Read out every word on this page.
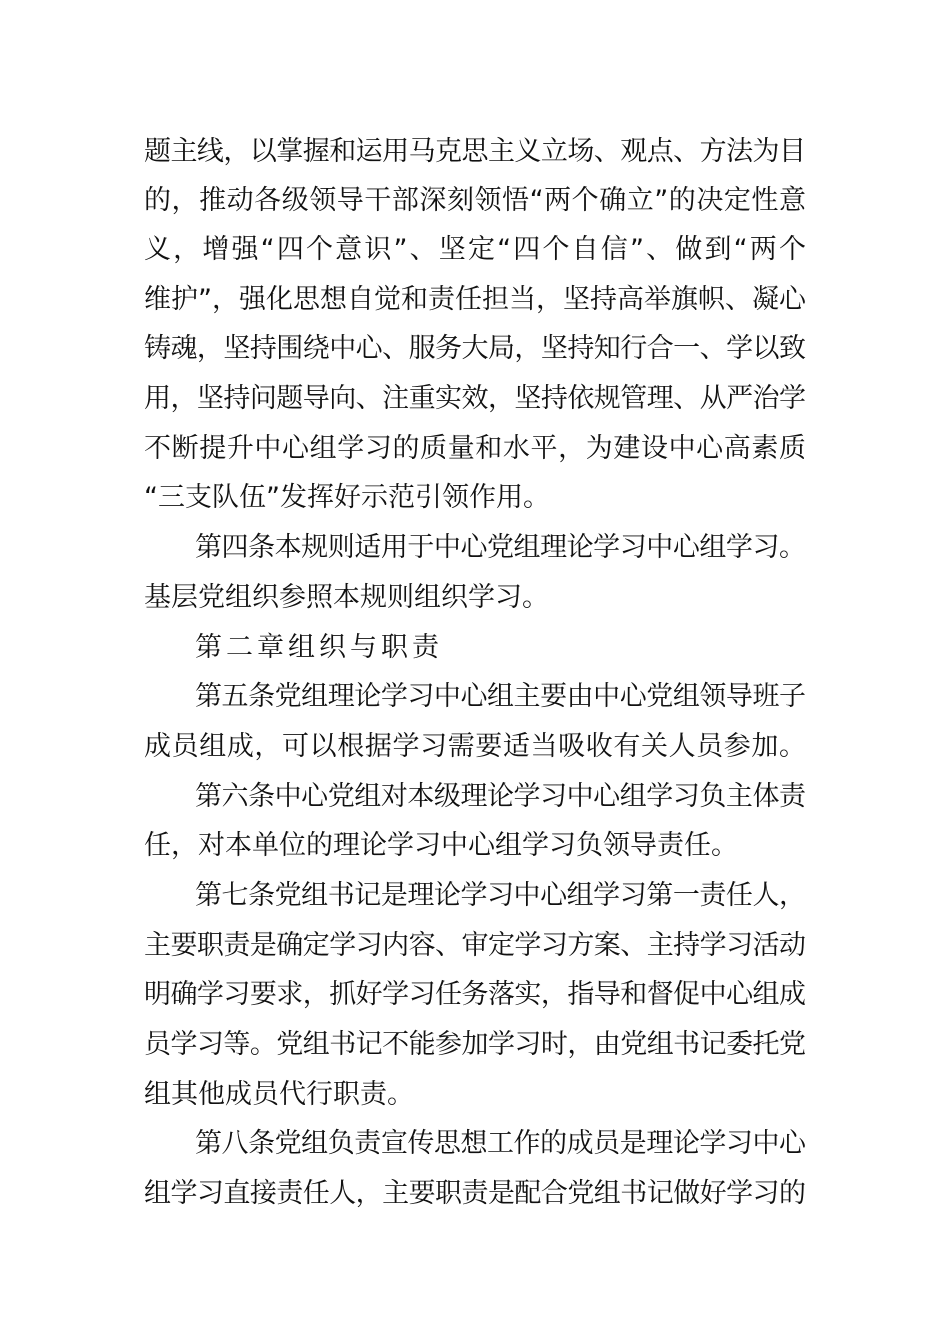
题主线，以掌握和运用马克思主义立场、观点、方法为目
的，推动各级领导干部深刻领悟“两个确立”的决定性意
义，增强“四个意识”、坚定“四个自信”、做到“两个
维护”，强化思想自觉和责任担当，坚持高举旗帜、凝心
铸魂，坚持围绕中心、服务大局，坚持知行合一、学以致
用，坚持问题导向、注重实效，坚持依规管理、从严治学
不断提升中心组学习的质量和水平，为建设中心高素质
“三支队伍”发挥好示范引领作用。
第四条本规则适用于中心党组理论学习中心组学习。
基层党组织参照本规则组织学习。
第二章组织与职责
第五条党组理论学习中心组主要由中心党组领导班子
成员组成，可以根据学习需要适当吸收有关人员参加。
第六条中心党组对本级理论学习中心组学习负主体责
任，对本单位的理论学习中心组学习负领导责任。
第七条党组书记是理论学习中心组学习第一责任人，
主要职责是确定学习内容、审定学习方案、主持学习活动
明确学习要求，抓好学习任务落实，指导和督促中心组成
员学习等。党组书记不能参加学习时，由党组书记委托党
组其他成员代行职责。
第八条党组负责宣传思想工作的成员是理论学习中心
组学习直接责任人，主要职责是配合党组书记做好学习的
